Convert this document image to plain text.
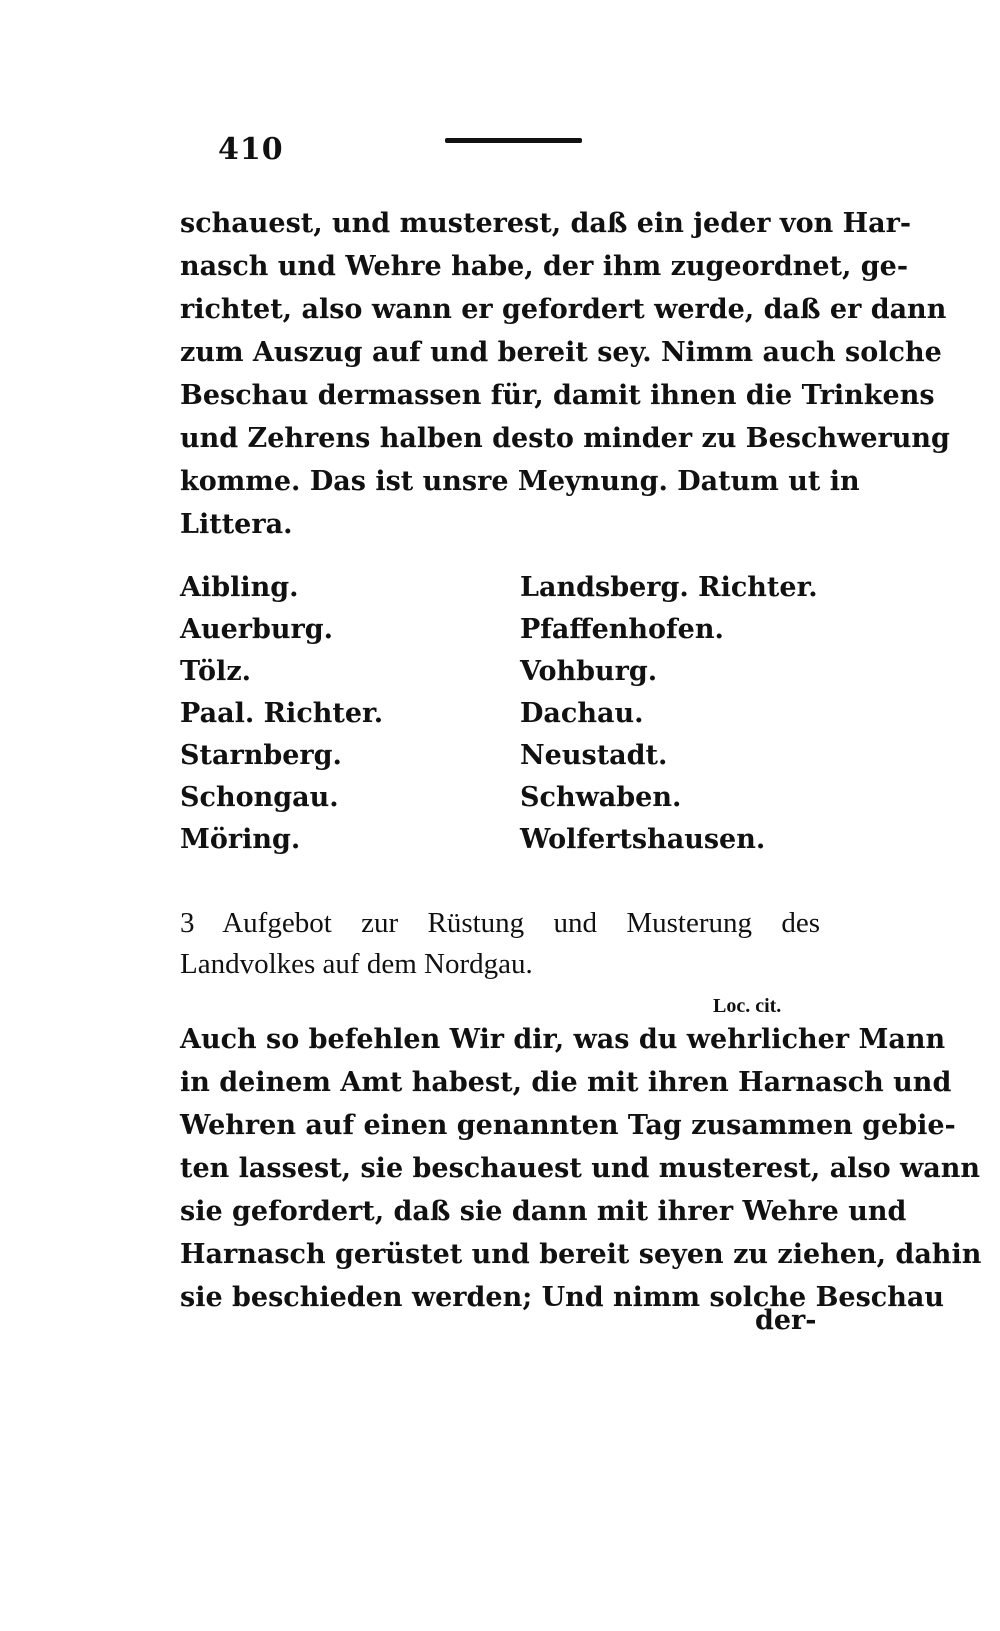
410
schauest, und musterest, daß ein jeder von Har-
nasch und Wehre habe, der ihm zugeordnet, ge-
richtet, also wann er gefordert werde, daß er dann
zum Auszug auf und bereit sey. Nimm auch solche
Beschau dermassen für, damit ihnen die Trinkens
und Zehrens halben desto minder zu Beschwerung
komme. Das ist unsre Meynung. Datum ut in
Littera.
Aibling.
Auerburg.
Tölz.
Paal. Richter.
Starnberg.
Schongau.
Möring.
Landsberg. Richter.
Pfaffenhofen.
Vohburg.
Dachau.
Neustadt.
Schwaben.
Wolfertshausen.
3 Aufgebot zur Rüstung und Musterung des
Landvolkes auf dem Nordgau.
Loc. cit.
Auch so befehlen Wir dir, was du wehrlicher Mann
in deinem Amt habest, die mit ihren Harnasch und
Wehren auf einen genannten Tag zusammen gebie-
ten lassest, sie beschauest und musterest, also wann
sie gefordert, daß sie dann mit ihrer Wehre und
Harnasch gerüstet und bereit seyen zu ziehen, dahin
sie beschieden werden; Und nimm solche Beschau
der-
